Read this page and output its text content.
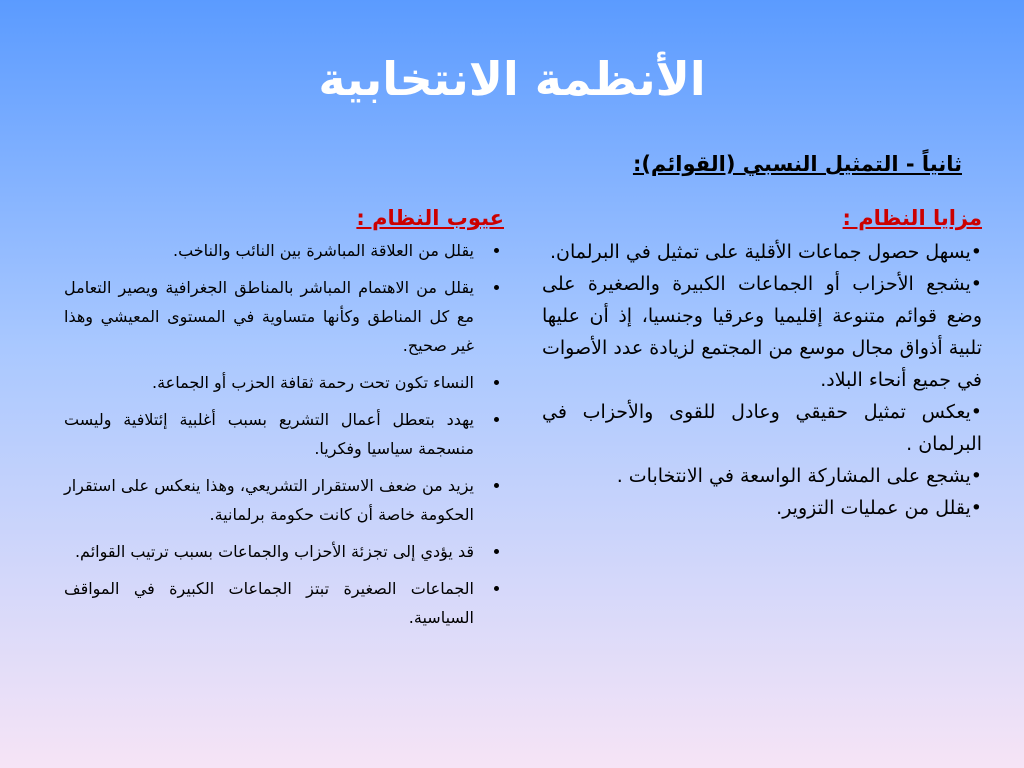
الأنظمة الانتخابية
ثانياً - التمثيل النسبي (القوائم):
مزايا النظام :
•يسهل حصول جماعات الأقلية على تمثيل في البرلمان.
•يشجع الأحزاب أو الجماعات الكبيرة والصغيرة على وضع قوائم متنوعة إقليميا وعرقيا وجنسيا، إذ أن عليها تلبية أذواق مجال موسع من المجتمع لزيادة عدد الأصوات في جميع أنحاء البلاد.
•يعكس تمثيل حقيقي وعادل للقوى والأحزاب في البرلمان .
•يشجع على المشاركة الواسعة في الانتخابات .
•يقلل من عمليات التزوير.
عيوب النظام :
• يقلل من العلاقة المباشرة بين النائب والناخب.
• يقلل من الاهتمام المباشر بالمناطق الجغرافية ويصير التعامل مع كل المناطق وكأنها متساوية في المستوى المعيشي وهذا غير صحيح.
• النساء تكون تحت رحمة ثقافة الحزب أو الجماعة.
• يهدد بتعطل أعمال التشريع بسبب أغلبية إئتلافية وليست منسجمة سياسيا وفكريا.
• يزيد من ضعف الاستقرار التشريعي، وهذا ينعكس على استقرار الحكومة خاصة أن كانت حكومة برلمانية.
• قد يؤدي إلى تجزئة الأحزاب والجماعات بسبب ترتيب القوائم.
• الجماعات الصغيرة تبتز الجماعات الكبيرة في المواقف السياسية.
